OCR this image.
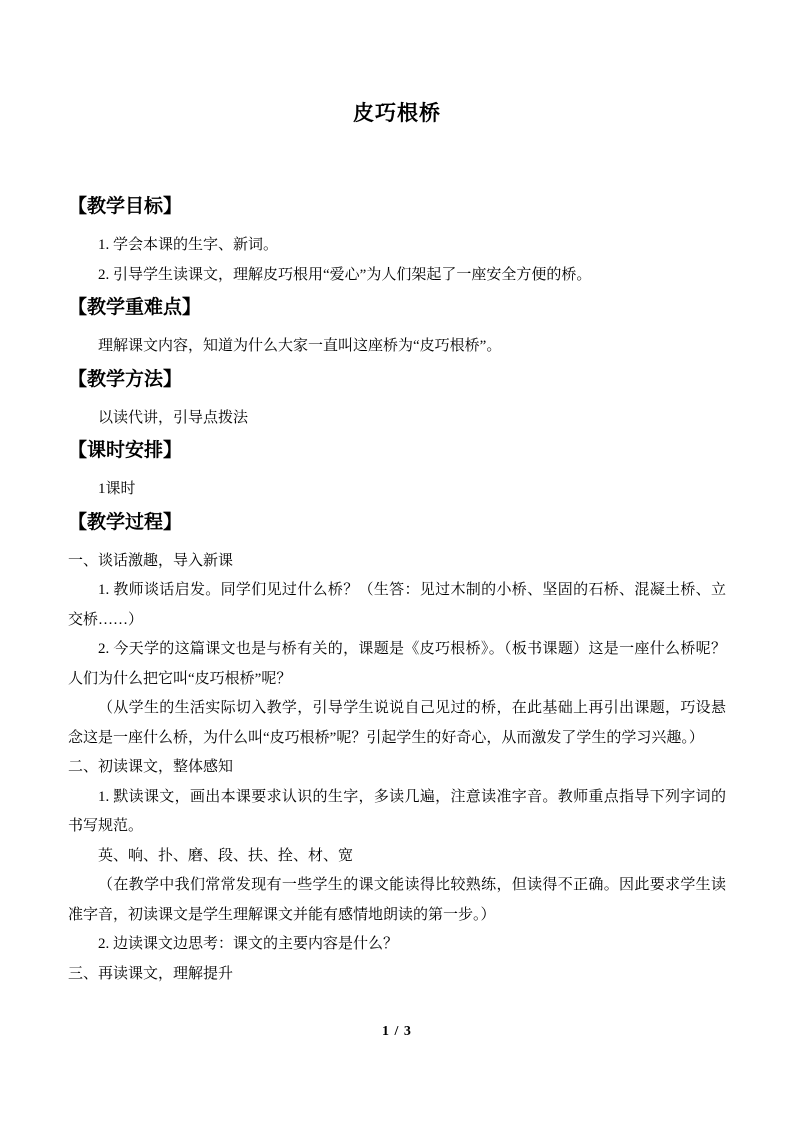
皮巧根桥

【教学目标】

1. 学会本课的生字、新词。

2. 引导学生读课文，理解皮巧根用“爱心”为人们架起了一座安全方便的桥。

【教学重难点】

理解课文内容，知道为什么大家一直叫这座桥为“皮巧根桥”。

【教学方法】

以读代讲，引导点拨法

【课时安排】

1课时

【教学过程】

一、谈话激趣，导入新课

1. 教师谈话启发。同学们见过什么桥？（生答：见过木制的小桥、坚固的石桥、混凝土桥、立交桥……）

2. 今天学的这篇课文也是与桥有关的，课题是《皮巧根桥》。（板书课题）这是一座什么桥呢？人们为什么把它叫“皮巧根桥”呢？

（从学生的生活实际切入教学，引导学生说说自己见过的桥，在此基础上再引出课题，巧设悬念这是一座什么桥，为什么叫“皮巧根桥”呢？引起学生的好奇心，从而激发了学生的学习兴趣。）

二、初读课文，整体感知

1. 默读课文，画出本课要求认识的生字，多读几遍，注意读准字音。教师重点指导下列字词的书写规范。

英、响、扑、磨、段、扶、拴、材、宽

（在教学中我们常常发现有一些学生的课文能读得比较熟练，但读得不正确。因此要求学生读准字音，初读课文是学生理解课文并能有感情地朗读的第一步。）

2. 边读课文边思考：课文的主要内容是什么？

三、再读课文，理解提升

1 / 3
